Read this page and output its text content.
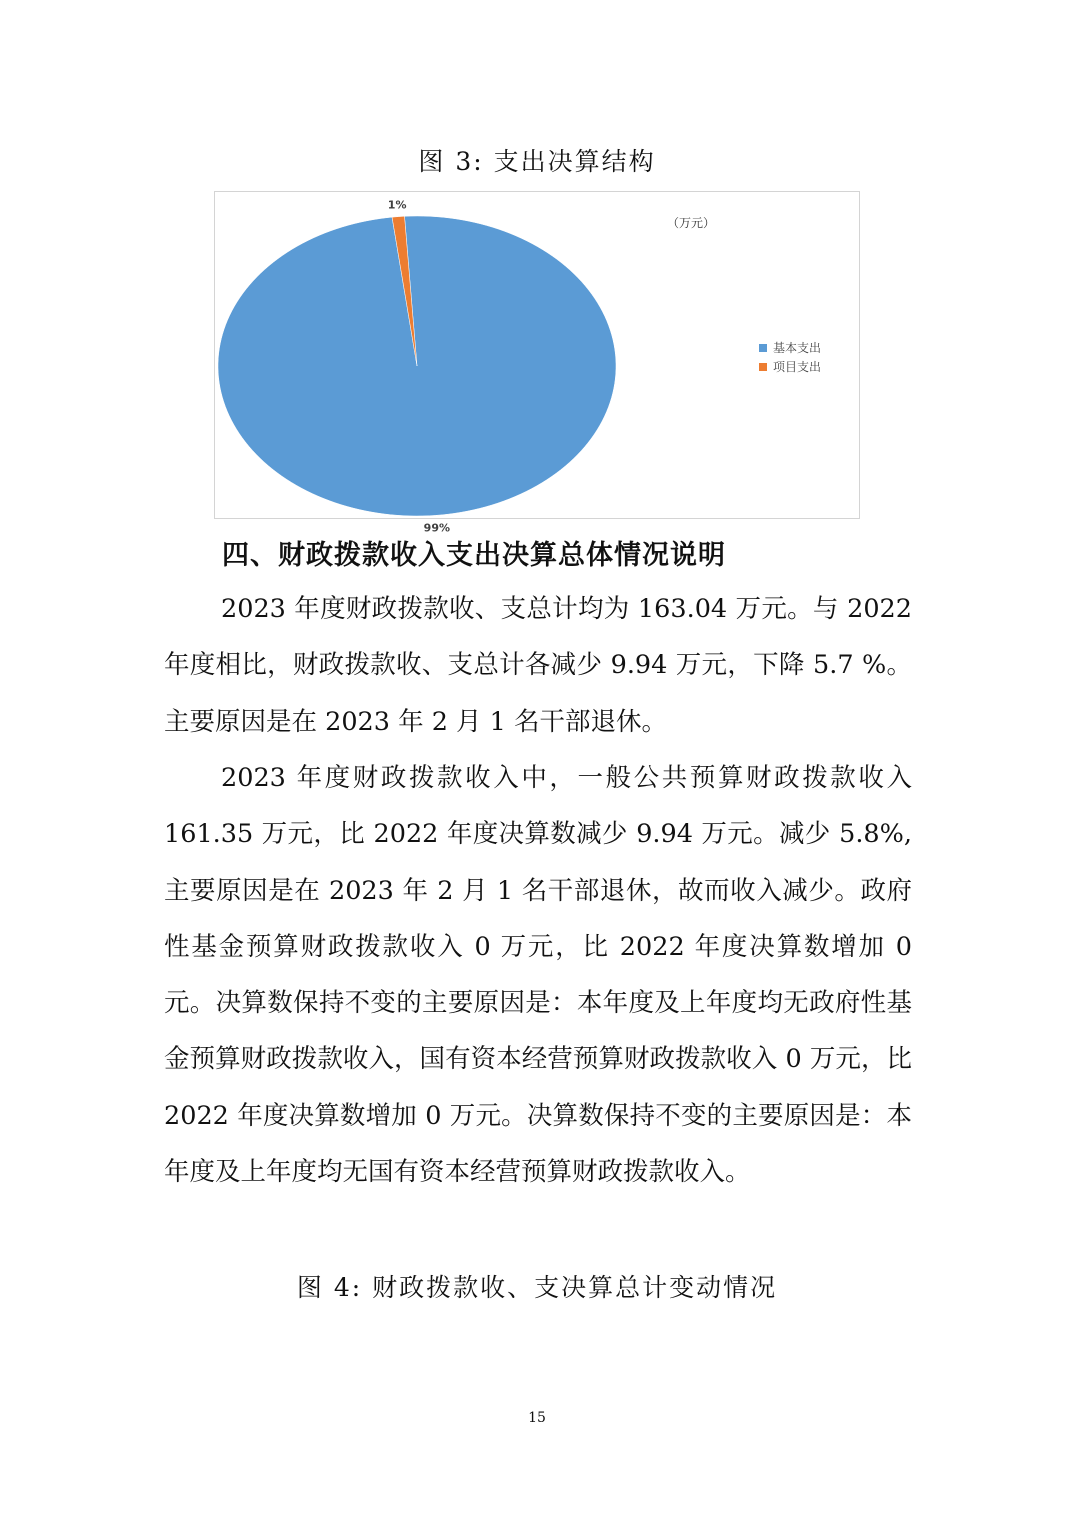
图 3: 支出决算结构
99%
1%
（万元）
基本支出
项目支出
四、财政拨款收入支出决算总体情况说明
2023 年度财政拨款收、支总计均为 163.04 万元。与 2022 年度相比，财政拨款收、支总计各减少 9.94 万元，下降 5.7 %。主要原因是在 2023 年 2 月 1 名干部退休。
2023 年度财政拨款收入中，一般公共预算财政拨款收入 161.35 万元，比 2022 年度决算数减少 9.94 万元。减少 5.8%, 主要原因是在 2023 年 2 月 1 名干部退休，故而收入减少。政府性基金预算财政拨款收入 0 万元，比 2022 年度决算数增加 0 元。决算数保持不变的主要原因是：本年度及上年度均无政府性基金预算财政拨款收入，国有资本经营预算财政拨款收入 0 万元，比 2022 年度决算数增加 0 万元。决算数保持不变的主要原因是：本年度及上年度均无国有资本经营预算财政拨款收入。
图 4: 财政拨款收、支决算总计变动情况
15
